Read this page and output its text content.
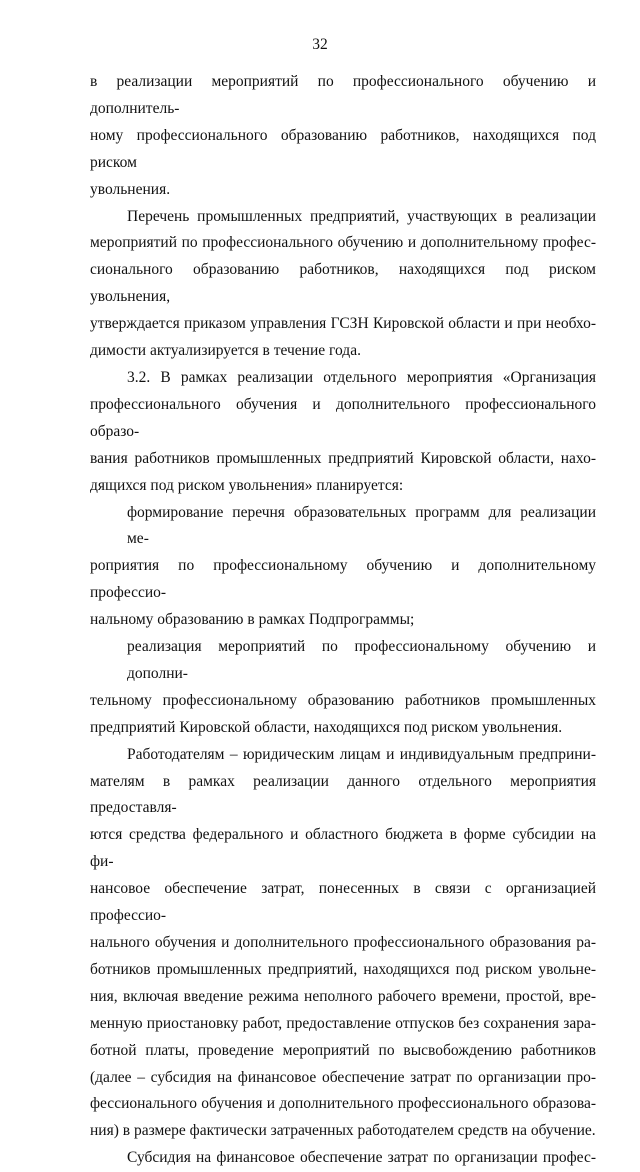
32

в реализации мероприятий по профессионального обучению и дополнитель-

ному профессионального образованию работников, находящихся под риском

увольнения.

Перечень промышленных предприятий, участвующих в реализации

мероприятий по профессионального обучению и дополнительному профес-

сионального образованию работников, находящихся под риском увольнения,

утверждается приказом управления ГСЗН Кировской области и при необхо-

димости актуализируется в течение года.

3.2. В рамках реализации отдельного мероприятия «Организация

профессионального обучения и дополнительного профессионального образо-

вания работников промышленных предприятий Кировской области, нахо-

дящихся под риском увольнения» планируется:

формирование перечня образовательных программ для реализации ме-

роприятия по профессиональному обучению и дополнительному профессио-

нальному образованию в рамках Подпрограммы;

реализация мероприятий по профессиональному обучению и дополни-

тельному профессиональному образованию работников промышленных

предприятий Кировской области, находящихся под риском увольнения.

Работодателям – юридическим лицам и индивидуальным предприни-

мателям в рамках реализации данного отдельного мероприятия предоставля-

ются средства федерального и областного бюджета в форме субсидии на фи-

нансовое обеспечение затрат, понесенных в связи с организацией профессио-

нального обучения и дополнительного профессионального образования ра-

ботников промышленных предприятий, находящихся под риском увольне-

ния, включая введение режима неполного рабочего времени, простой, вре-

менную приостановку работ, предоставление отпусков без сохранения зара-

ботной платы, проведение мероприятий по высвобождению работников

(далее – субсидия на финансовое обеспечение затрат по организации про-

фессионального обучения и дополнительного профессионального образова-

ния) в размере фактически затраченных работодателем средств на обучение.

Субсидия на финансовое обеспечение затрат по организации профес-
